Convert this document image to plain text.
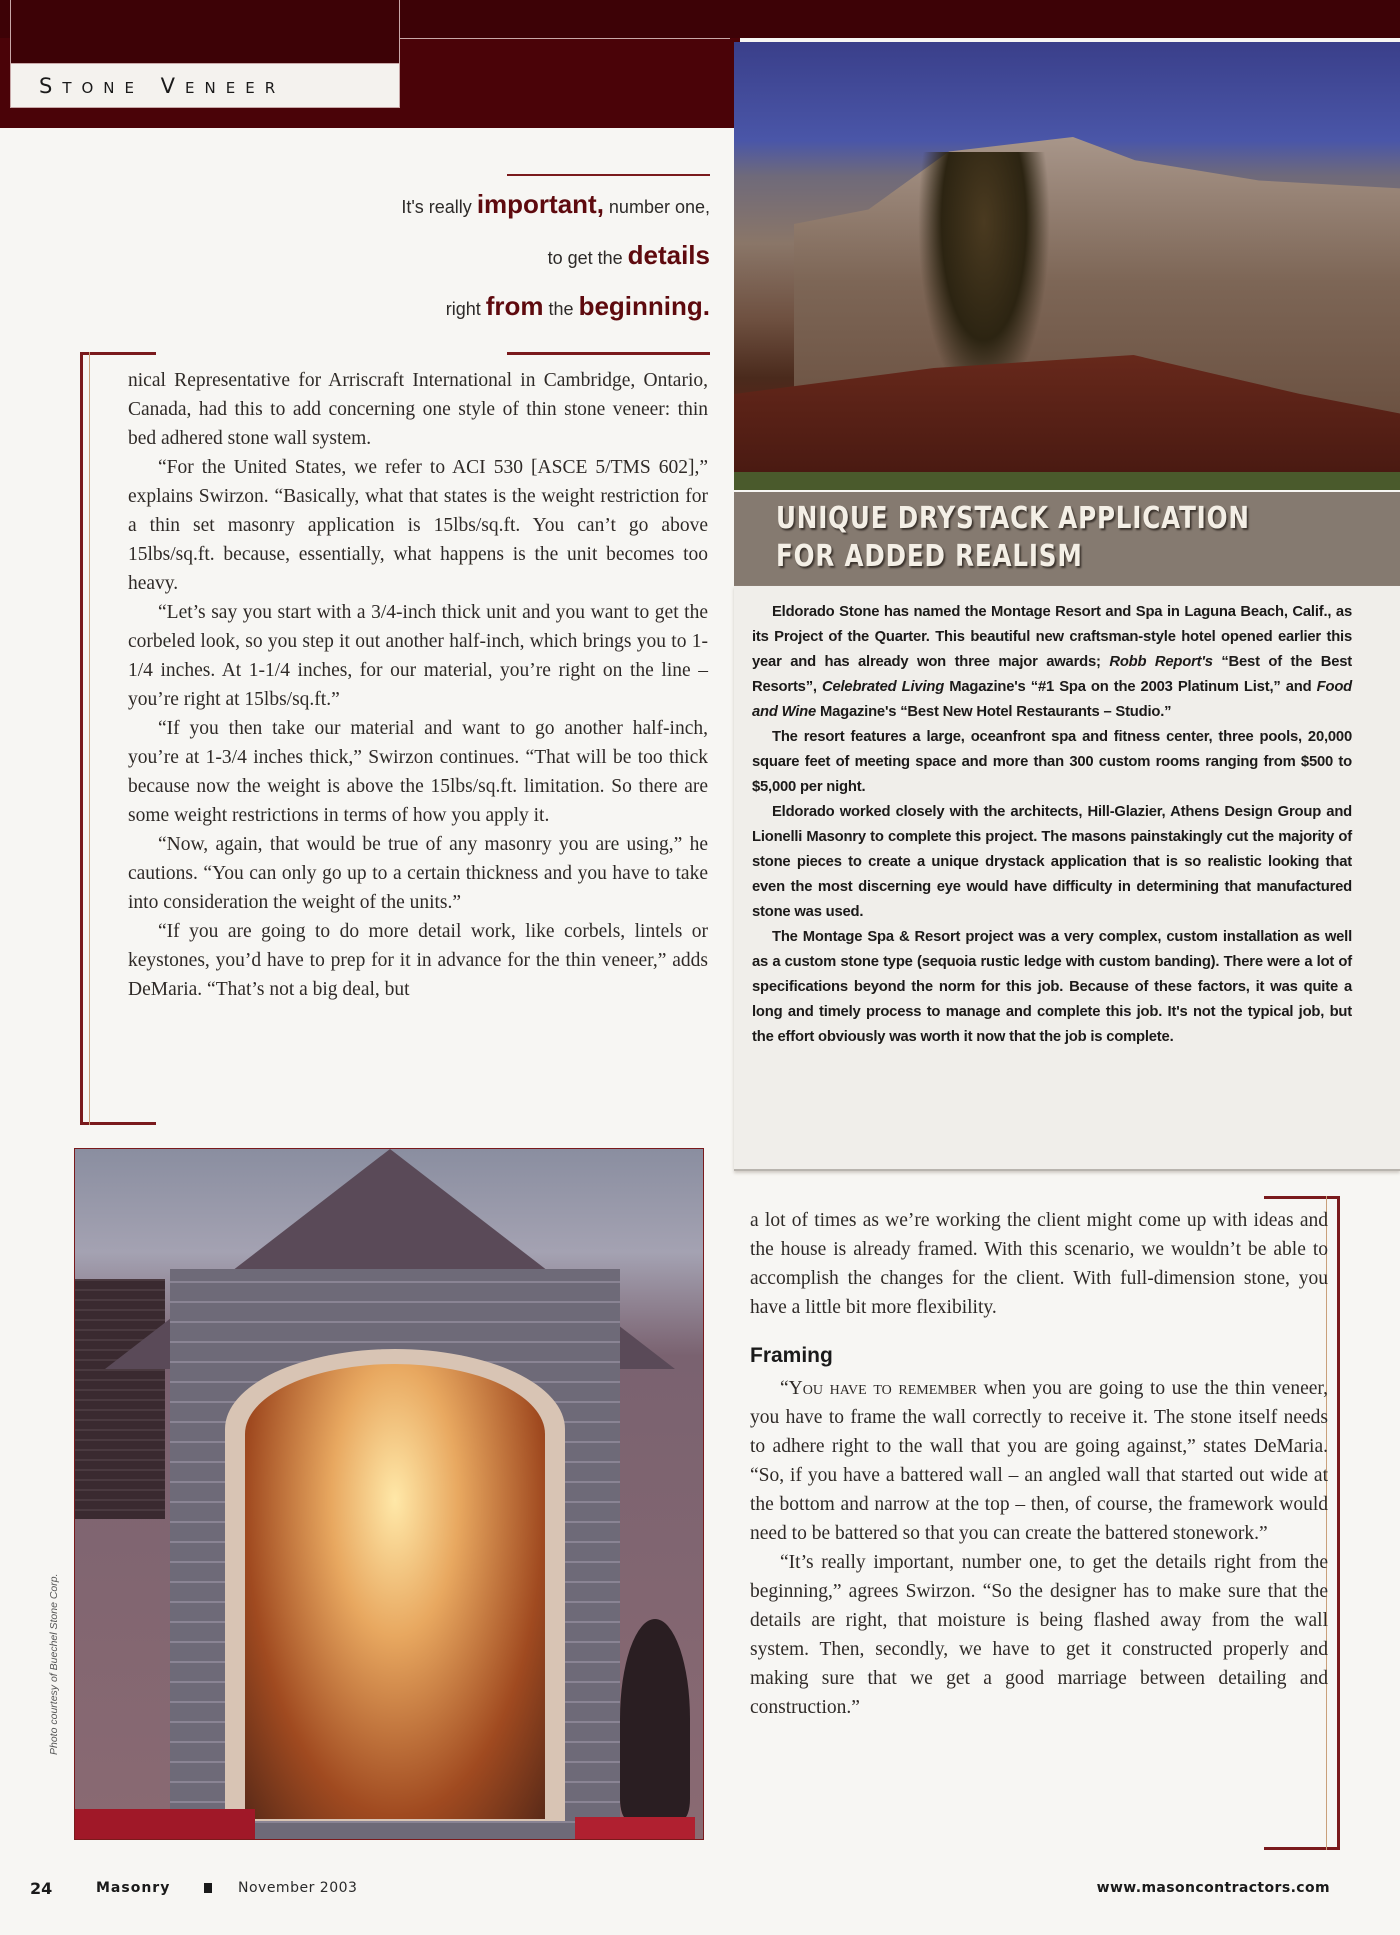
Stone Veneer
It's really important, number one,
to get the details
right from the beginning.

nical Representative for Arriscraft International in Cambridge, Ontario, Canada, had this to add concerning one style of thin stone veneer: thin bed adhered stone wall system.

“For the United States, we refer to ACI 530 [ASCE 5/TMS 602],” explains Swirzon. “Basically, what that states is the weight restriction for a thin set masonry application is 15lbs/sq.ft. You can’t go above 15lbs/sq.ft. because, essentially, what happens is the unit becomes too heavy.

“Let’s say you start with a 3/4-inch thick unit and you want to get the corbeled look, so you step it out another half-inch, which brings you to 1-1/4 inches. At 1-1/4 inches, for our material, you’re right on the line – you’re right at 15lbs/sq.ft.”

“If you then take our material and want to go another half-inch, you’re at 1-3/4 inches thick,” Swirzon continues. “That will be too thick because now the weight is above the 15lbs/sq.ft. limitation. So there are some weight restrictions in terms of how you apply it.

“Now, again, that would be true of any masonry you are using,” he cautions. “You can only go up to a certain thickness and you have to take into consideration the weight of the units.”

“If you are going to do more detail work, like corbels, lintels or keystones, you’d have to prep for it in advance for the thin veneer,” adds DeMaria. “That’s not a big deal, but

UNIQUE DRYSTACK APPLICATION
FOR ADDED REALISM

Eldorado Stone has named the Montage Resort and Spa in Laguna Beach, Calif., as its Project of the Quarter. This beautiful new craftsman-style hotel opened earlier this year and has already won three major awards; Robb Report's “Best of the Best Resorts”, Celebrated Living Magazine's “#1 Spa on the 2003 Platinum List,” and Food and Wine Magazine's “Best New Hotel Restaurants – Studio.”

The resort features a large, oceanfront spa and fitness center, three pools, 20,000 square feet of meeting space and more than 300 custom rooms ranging from $500 to $5,000 per night.

Eldorado worked closely with the architects, Hill-Glazier, Athens Design Group and Lionelli Masonry to complete this project. The masons painstakingly cut the majority of stone pieces to create a unique drystack application that is so realistic looking that even the most discerning eye would have difficulty in determining that manufactured stone was used.

The Montage Spa & Resort project was a very complex, custom installation as well as a custom stone type (sequoia rustic ledge with custom banding). There were a lot of specifications beyond the norm for this job. Because of these factors, it was quite a long and timely process to manage and complete this job. It's not the typical job, but the effort obviously was worth it now that the job is complete.

Photo courtesy of Buechel Stone Corp.

a lot of times as we’re working the client might come up with ideas and the house is already framed. With this scenario, we wouldn’t be able to accomplish the changes for the client. With full-dimension stone, you have a little bit more flexibility.

Framing

“You have to remember when you are going to use the thin veneer, you have to frame the wall correctly to receive it. The stone itself needs to adhere right to the wall that you are going against,” states DeMaria. “So, if you have a battered wall – an angled wall that started out wide at the bottom and narrow at the top – then, of course, the framework would need to be battered so that you can create the battered stonework.”

“It’s really important, number one, to get the details right from the beginning,” agrees Swirzon. “So the designer has to make sure that the details are right, that moisture is being flashed away from the wall system. Then, secondly, we have to get it constructed properly and making sure that we get a good marriage between detailing and construction.”

24	Masonry	November 2003	www.masoncontractors.com
